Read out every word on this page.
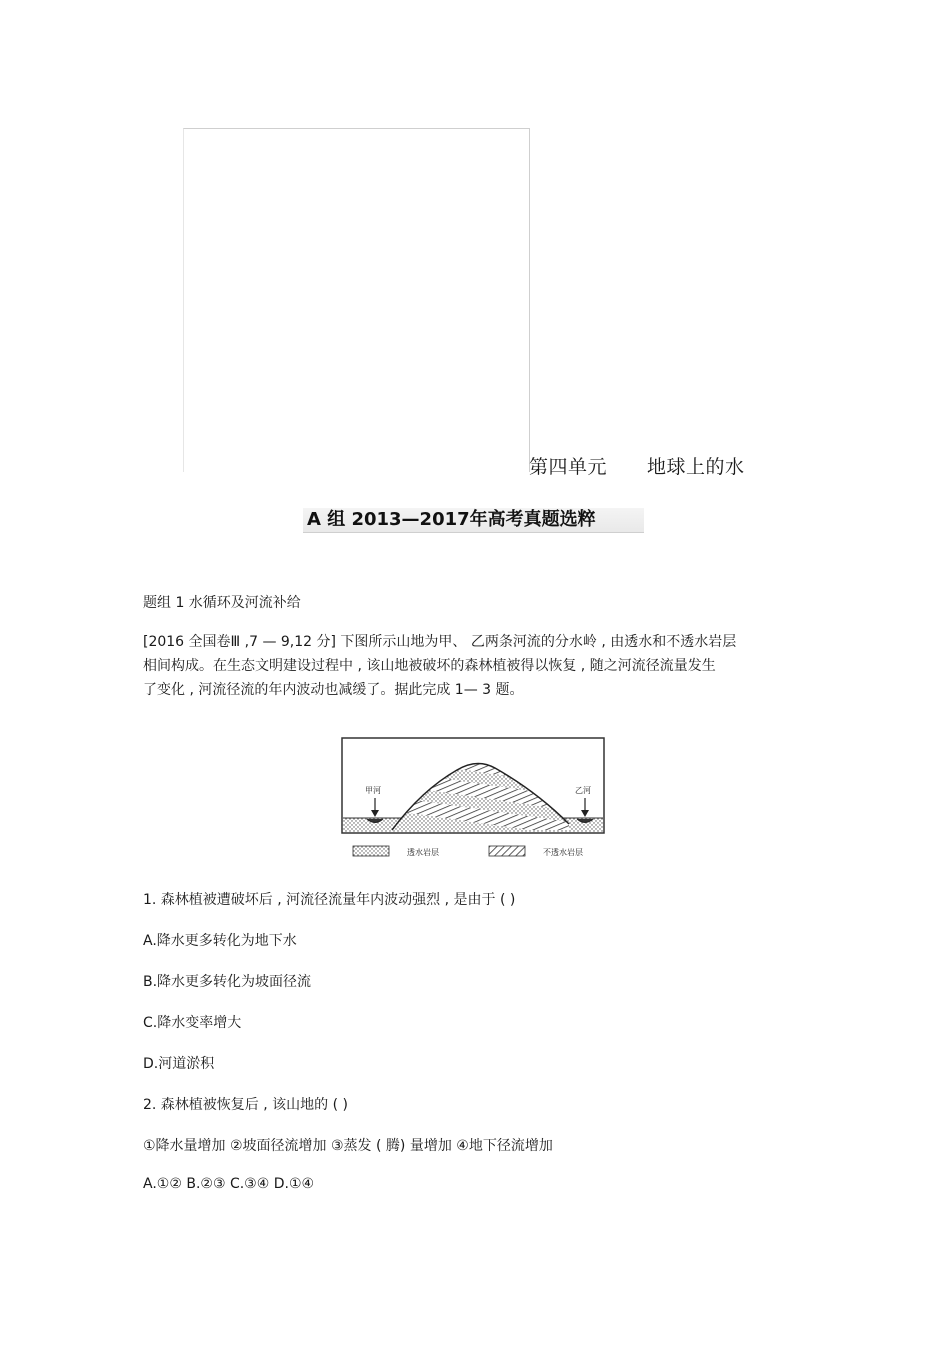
第四单元 地球上的水
A 组 2013—2017年高考真题选粹
题组 1 水循环及河流补给
[2016 全国卷Ⅲ ,7 — 9,12 分] 下图所示山地为甲、 乙两条河流的分水岭 , 由透水和不透水岩层
相间构成。在生态文明建设过程中 , 该山地被破坏的森林植被得以恢复 , 随之河流径流量发生
了变化 , 河流径流的年内波动也减缓了。据此完成 1— 3 题。
甲河	乙河
透水岩层	不透水岩层
1. 森林植被遭破坏后 , 河流径流量年内波动强烈 , 是由于 ( )
A.降水更多转化为地下水
B.降水更多转化为坡面径流
C.降水变率增大
D.河道淤积
2. 森林植被恢复后 , 该山地的 ( )
①降水量增加 ②坡面径流增加 ③蒸发 ( 腾) 量增加 ④地下径流增加
A.①② B.②③ C.③④ D.①④
